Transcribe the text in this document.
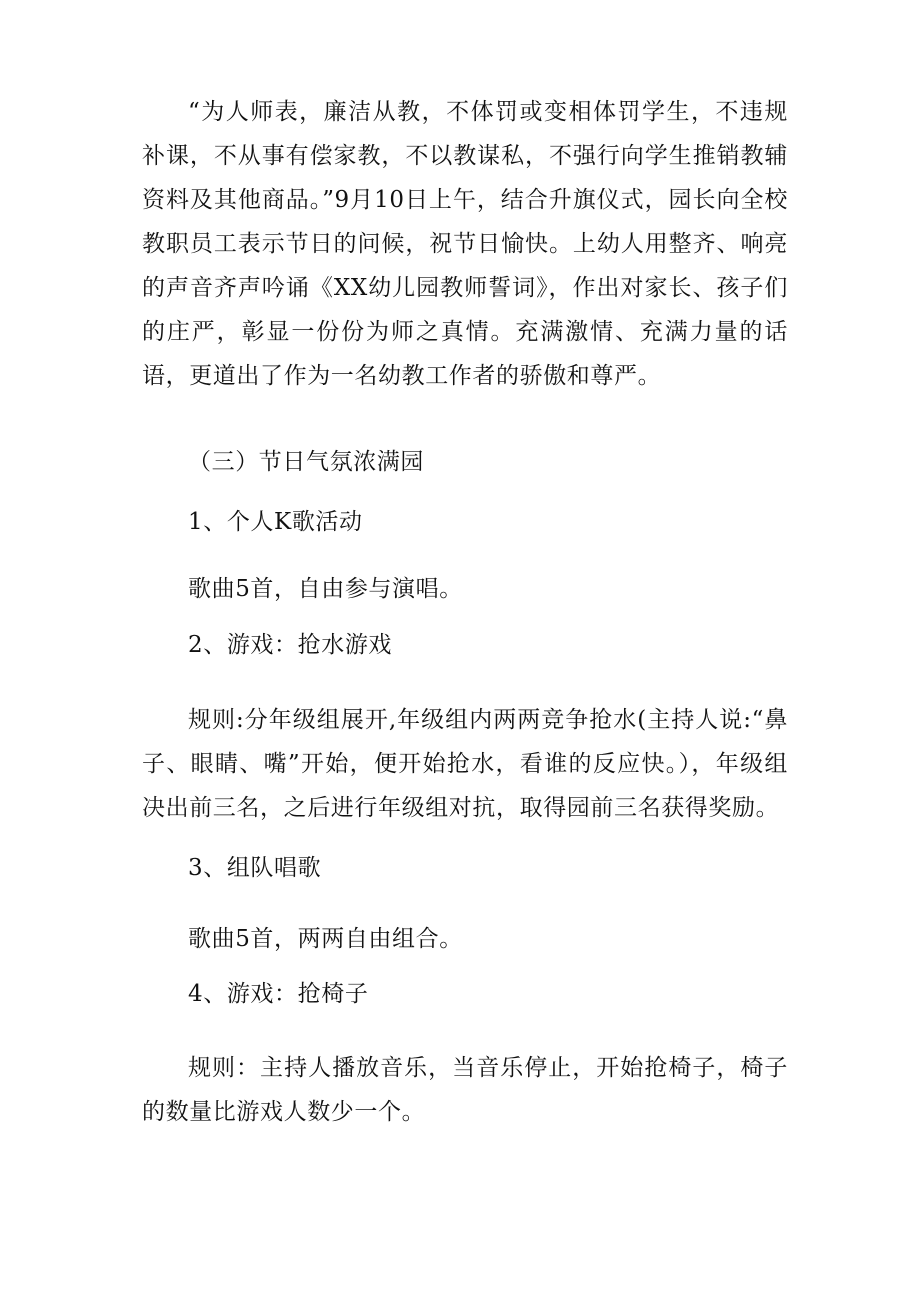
“为人师表，廉洁从教，不体罚或变相体罚学生，不违规补课，不从事有偿家教，不以教谋私，不强行向学生推销教辅资料及其他商品。”9月10日上午，结合升旗仪式，园长向全校教职员工表示节日的问候，祝节日愉快。上幼人用整齐、响亮的声音齐声吟诵《XX幼儿园教师誓词》，作出对家长、孩子们的庄严，彰显一份份为师之真情。充满激情、充满力量的话语，更道出了作为一名幼教工作者的骄傲和尊严。

（三）节日气氛浓满园

1、个人K歌活动

歌曲5首，自由参与演唱。

2、游戏：抢水游戏

规则:分年级组展开,年级组内两两竞争抢水(主持人说:“鼻子、眼睛、嘴”开始，便开始抢水，看谁的反应快。），年级组决出前三名，之后进行年级组对抗，取得园前三名获得奖励。

3、组队唱歌

歌曲5首，两两自由组合。

4、游戏：抢椅子

规则：主持人播放音乐，当音乐停止，开始抢椅子，椅子的数量比游戏人数少一个。
